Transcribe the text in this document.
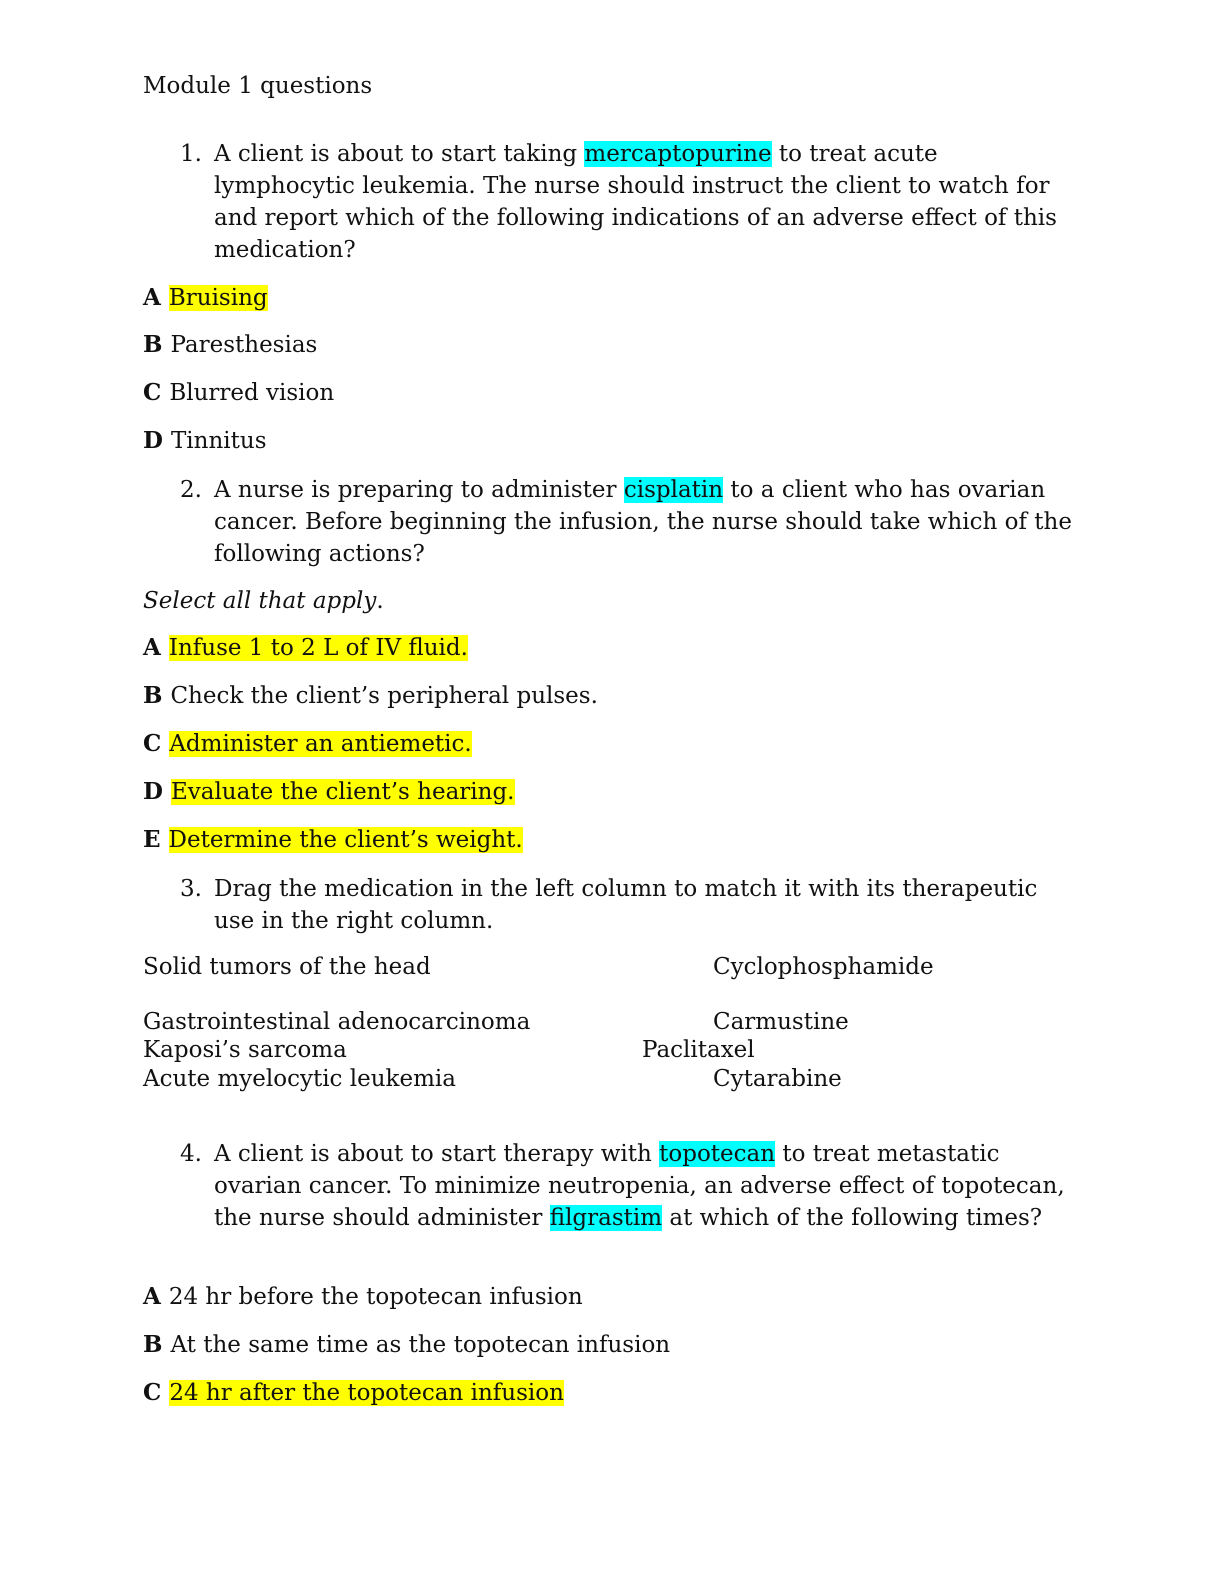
Module 1 questions
1. A client is about to start taking mercaptopurine to treat acute lymphocytic leukemia. The nurse should instruct the client to watch for and report which of the following indications of an adverse effect of this medication?
A Bruising
B Paresthesias
C Blurred vision
D Tinnitus
2. A nurse is preparing to administer cisplatin to a client who has ovarian cancer. Before beginning the infusion, the nurse should take which of the following actions?
Select all that apply.
A Infuse 1 to 2 L of IV fluid.
B Check the client’s peripheral pulses.
C Administer an antiemetic.
D Evaluate the client’s hearing.
E Determine the client’s weight.
3. Drag the medication in the left column to match it with its therapeutic use in the right column.
Solid tumors of the head	Cyclophosphamide
Gastrointestinal adenocarcinoma	Carmustine
Kaposi’s sarcoma	Paclitaxel
Acute myelocytic leukemia	Cytarabine
4. A client is about to start therapy with topotecan to treat metastatic ovarian cancer. To minimize neutropenia, an adverse effect of topotecan, the nurse should administer filgrastim at which of the following times?
A 24 hr before the topotecan infusion
B At the same time as the topotecan infusion
C 24 hr after the topotecan infusion
